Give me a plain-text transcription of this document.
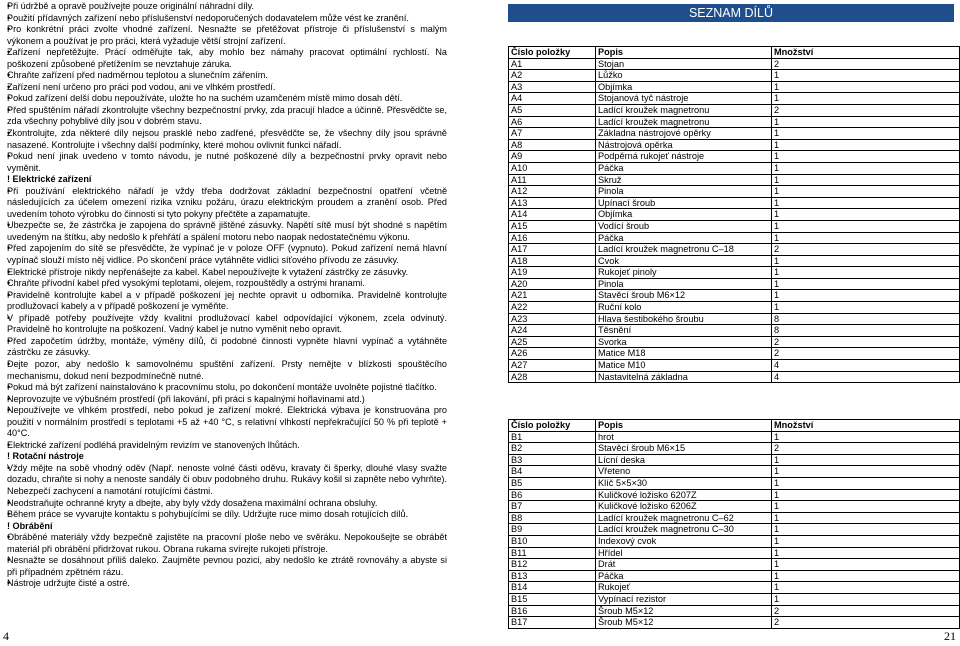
• Při údržbě a opravě používejte pouze originální náhradní díly.

• Použití přídavných zařízení nebo příslušenství nedoporučených dodavatelem může vést ke zranění.

• Pro konkrétní práci zvolte vhodné zařízení. Nesnažte se přetěžovat přístroje či příslušenství s malým výkonem a používat je pro práci, která vyžaduje větší strojní zařízení.

• Zařízení nepřetěžujte. Prácí odměřujte tak, aby mohlo bez námahy pracovat optimální rychlostí. Na poškození způsobené přetížením se nevztahuje záruka.

• Chraňte zařízení před nadměrnou teplotou a slunečním zářením.

• Zařízení není určeno pro práci pod vodou, ani ve vlhkém prostředí.

• Pokud zařízení delší dobu nepoužíváte, uložte ho na suchém uzamčeném místě mimo dosah dětí.

• Před spuštěním nářadí zkontrolujte všechny bezpečnostní prvky, zda pracují hladce a účinně. Přesvědčte se, zda všechny pohyblivé díly jsou v dobrém stavu.

• Zkontrolujte, zda některé díly nejsou prasklé nebo zadřené, přesvědčte se, že všechny díly jsou správně nasazené. Kontrolujte i všechny další podmínky, které mohou ovlivnit funkci nářadí.

• Pokud není jinak uvedeno v tomto návodu, je nutné poškozené díly a bezpečnostní prvky opravit nebo vyměnit.

! Elektrické zařízení

• Při používání elektrického nářadí je vždy třeba dodržovat základní bezpečnostní opatření včetně následujících za účelem omezení rizika vzniku požáru, úrazu elektrickým proudem a zranění osob. Před uvedením tohoto výrobku do činnosti si tyto pokyny přečtěte a zapamatujte.

• Ubezpečte se, že zástrčka je zapojena do správně jištěné zásuvky. Napětí sítě musí být shodné s napětím uvedeným na štítku, aby nedošlo k přehřátí a spálení motoru nebo naopak nedostatečnému výkonu.

• Před zapojením do sítě se přesvědčte, že vypínač je v poloze OFF (vypnuto). Pokud zařízení nemá hlavní vypínač slouží místo něj vidlice. Po skončení práce vytáhněte vidlici síťového přívodu ze zásuvky.

• Elektrické přístroje nikdy nepřenášejte za kabel. Kabel nepoužívejte k vytažení zástrčky ze zásuvky.

• Chraňte přívodní kabel před vysokými teplotami, olejem, rozpouštědly a ostrými hranami.

• Pravidelně kontrolujte kabel a v případě poškození jej nechte opravit u odborníka. Pravidelně kontrolujte prodlužovací kabely a v případě poškození je vyměňte.

• V případě potřeby používejte vždy kvalitní prodlužovací kabel odpovídající výkonem, zcela odvinutý. Pravidelně ho kontrolujte na poškození. Vadný kabel je nutno vyměnit nebo opravit.

• Před započetím údržby, montáže, výměny dílů, či podobné činnosti vypněte hlavní vypínač a vytáhněte zástrčku ze zásuvky.

• Dejte pozor, aby nedošlo k samovolnému spuštění zařízení. Prsty nemějte v blízkosti spouštěcího mechanismu, dokud není bezpodmínečně nutné.

• Pokud má být zařízení nainstalováno k pracovnímu stolu, po dokončení montáže uvolněte pojistné tlačítko.

• Neprovozujte ve výbušném prostředí (při lakování, při práci s kapalnými hořlavinami atd.)

• Nepoužívejte ve vlhkém prostředí, nebo pokud je zařízení mokré. Elektrická výbava je konstruována pro použití v normálním prostředí s teplotami +5 až +40 °C, s relativní vlhkostí nepřekračující 50 % při teplotě + 40°C.

• Elektrické zařízení podléhá pravidelným revizím ve stanovených lhůtách.

! Rotační nástroje

• Vždy mějte na sobě vhodný oděv (Např. nenoste volné části oděvu, kravaty či šperky, dlouhé vlasy svažte dozadu, chraňte si nohy a nenoste sandály či obuv podobného druhu. Rukávy košil si zapněte nebo vyhrňte). Nebezpečí zachycení a namotání rotujícími částmi.

• Neodstraňujte ochranné kryty a dbejte, aby byly vždy dosažena maximální ochrana obsluhy.

• Během práce se vyvarujte kontaktu s pohybujícími se díly. Udržujte ruce mimo dosah rotujících dílů.

! Obrábění

• Obráběné materiály vždy bezpečně zajistěte na pracovní ploše nebo ve svěráku. Nepokoušejte se obrábět materiál při obrábění přidržovat rukou. Obrana rukama svírejte rukojeti přístroje.

• Nesnažte se dosáhnout příliš daleko. Zaujměte pevnou pozici, aby nedošlo ke ztrátě rovnováhy a abyste si při případném zpětném rázu.

• Nástroje udržujte čisté a ostré.

4
SEZNAM DÍLŮ
Číslo položky	Popis	Množství
A1	Stojan	2
A2	Lůžko	1
A3	Objímka	1
A4	Stojanová tyč nástroje	1
A5	Ladící kroužek magnetronu	2
A6	Ladící kroužek magnetronu	1
A7	Základna nástrojové opěrky	1
A8	Nástrojová opěrka	1
A9	Podpěrná rukojeť nástroje	1
A10	Páčka	1
A11	Skruž	1
A12	Pinola	1
A13	Upínací šroub	1
A14	Objímka	1
A15	Vodící šroub	1
A16	Páčka	1
A17	Ladící kroužek magnetronu C–18	2
A18	Cvok	1
A19	Rukojeť pinoly	1
A20	Pinola	1
A21	Stavěcí šroub M6×12	1
A22	Ruční kolo	1
A23	Hlava šestibokého šroubu	8
A24	Těsnění	8
A25	Svorka	2
A26	Matice M18	2
A27	Matice M10	4
A28	Nastavitelná základna	4
Číslo položky	Popis	Množství
B1	hrot	1
B2	Stavěcí šroub M6×15	2
B3	Lícní deska	1
B4	Vřeteno	1
B5	Klíč 5×5×30	1
B6	Kuličkové ložisko 6207Z	1
B7	Kuličkové ložisko 6206Z	1
B8	Ladící kroužek magnetronu C–62	1
B9	Ladící kroužek magnetronu C–30	1
B10	Indexový cvok	1
B11	Hřídel	1
B12	Drát	1
B13	Páčka	1
B14	Rukojeť	1
B15	Vypínací rezistor	1
B16	Šroub M5×12	2
B17	Šroub M5×12	2
21
